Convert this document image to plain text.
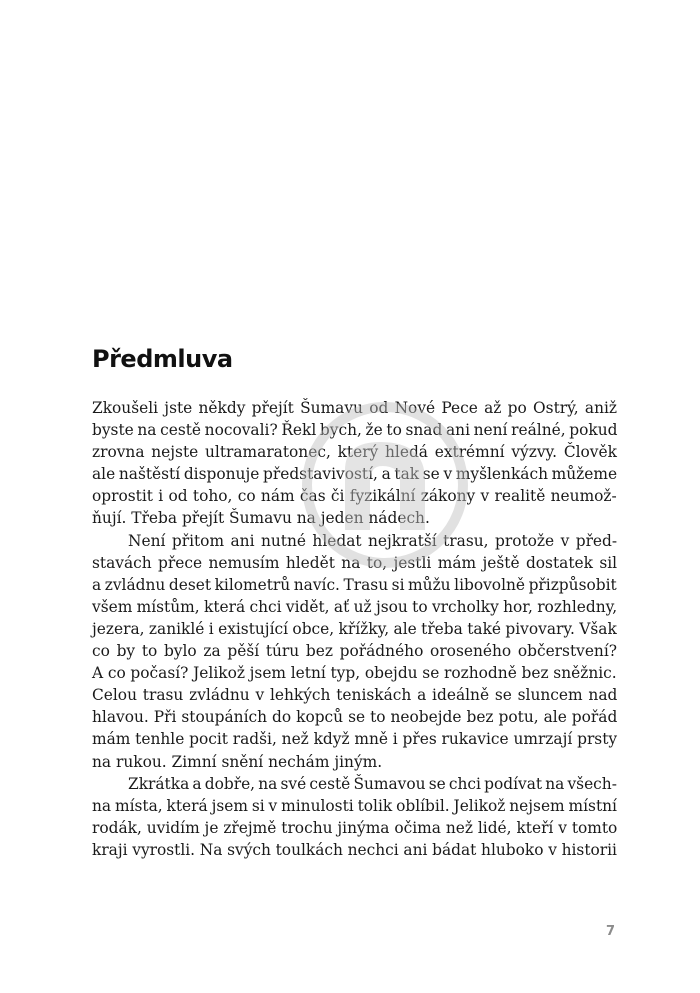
Předmluva
Zkoušeli jste někdy přejít Šumavu od Nové Pece až po Ostrý, aniž
byste na cestě nocovali? Řekl bych, že to snad ani není reálné, pokud
zrovna nejste ultramaratonec, který hledá extrémní výzvy. Člověk
ale naštěstí disponuje představivostí, a tak se v myšlenkách můžeme
oprostit i od toho, co nám čas či fyzikální zákony v realitě neumož-
ňují. Třeba přejít Šumavu na jeden nádech.
Není přitom ani nutné hledat nejkratší trasu, protože v před-
stavách přece nemusím hledět na to, jestli mám ještě dostatek sil
a zvládnu deset kilometrů navíc. Trasu si můžu libovolně přizpůsobit
všem místům, která chci vidět, ať už jsou to vrcholky hor, rozhledny,
jezera, zaniklé i existující obce, křížky, ale třeba také pivovary. Však
co by to bylo za pěší túru bez pořádného oroseného občerstvení?
A co počasí? Jelikož jsem letní typ, obejdu se rozhodně bez sněžnic.
Celou trasu zvládnu v lehkých teniskách a ideálně se sluncem nad
hlavou. Při stoupáních do kopců se to neobejde bez potu, ale pořád
mám tenhle pocit radši, než když mně i přes rukavice umrzají prsty
na rukou. Zimní snění nechám jiným.
Zkrátka a dobře, na své cestě Šumavou se chci podívat na všech-
na místa, která jsem si v minulosti tolik oblíbil. Jelikož nejsem místní
rodák, uvidím je zřejmě trochu jinýma očima než lidé, kteří v tomto
kraji vyrostli. Na svých toulkách nechci ani bádat hluboko v historii
7
